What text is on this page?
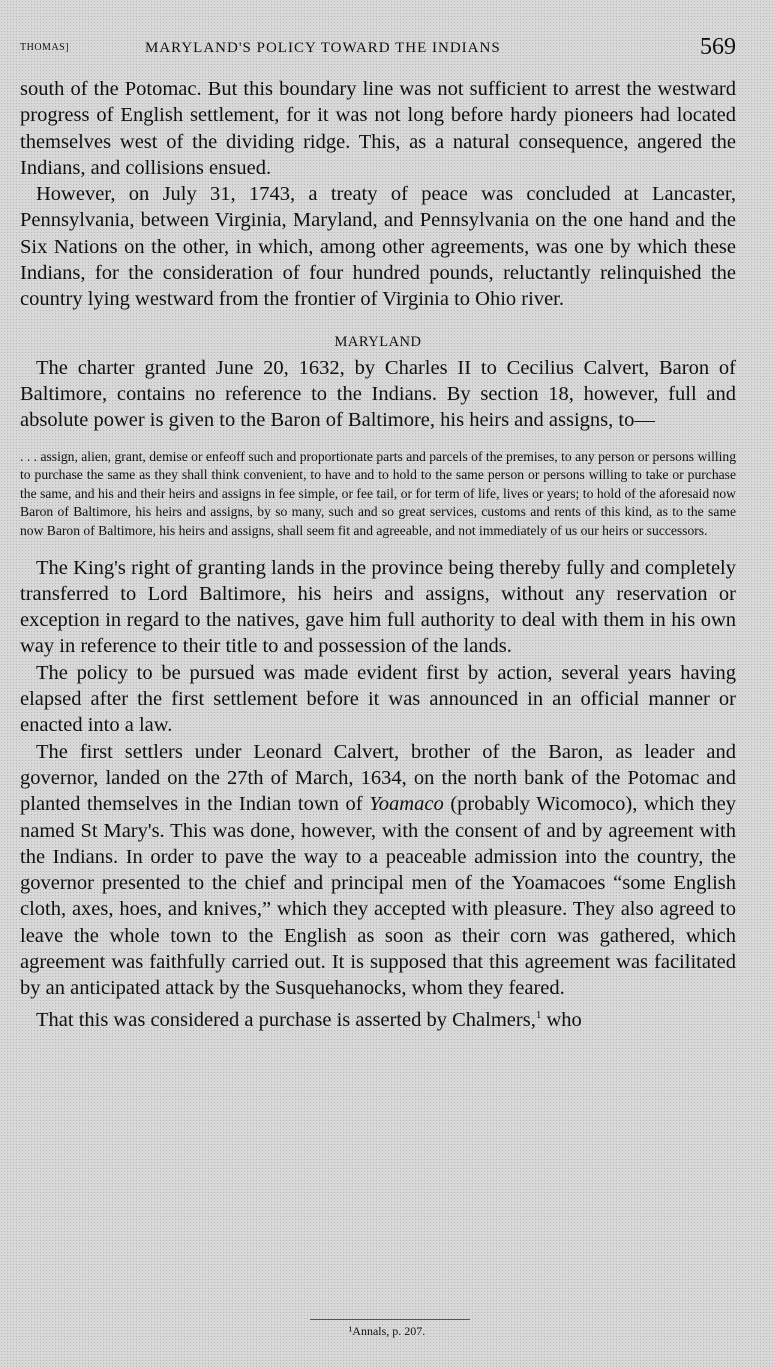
THOMAS]	MARYLAND'S POLICY TOWARD THE INDIANS	569

south of the Potomac. But this boundary line was not sufficient to arrest the westward progress of English settlement, for it was not long before hardy pioneers had located themselves west of the dividing ridge. This, as a natural consequence, angered the Indians, and collisions ensued.

However, on July 31, 1743, a treaty of peace was concluded at Lancaster, Pennsylvania, between Virginia, Maryland, and Pennsylvania on the one hand and the Six Nations on the other, in which, among other agreements, was one by which these Indians, for the consideration of four hundred pounds, reluctantly relinquished the country lying westward from the frontier of Virginia to Ohio river.

MARYLAND

The charter granted June 20, 1632, by Charles II to Cecilius Calvert, Baron of Baltimore, contains no reference to the Indians. By section 18, however, full and absolute power is given to the Baron of Baltimore, his heirs and assigns, to—

. . . assign, alien, grant, demise or enfeoff such and proportionate parts and parcels of the premises, to any person or persons willing to purchase the same as they shall think convenient, to have and to hold to the same person or persons willing to take or purchase the same, and his and their heirs and assigns in fee simple, or fee tail, or for term of life, lives or years; to hold of the aforesaid now Baron of Baltimore, his heirs and assigns, by so many, such and so great services, customs and rents of this kind, as to the same now Baron of Baltimore, his heirs and assigns, shall seem fit and agreeable, and not immediately of us our heirs or successors.

The King's right of granting lands in the province being thereby fully and completely transferred to Lord Baltimore, his heirs and assigns, without any reservation or exception in regard to the natives, gave him full authority to deal with them in his own way in reference to their title to and possession of the lands.

The policy to be pursued was made evident first by action, several years having elapsed after the first settlement before it was announced in an official manner or enacted into a law.

The first settlers under Leonard Calvert, brother of the Baron, as leader and governor, landed on the 27th of March, 1634, on the north bank of the Potomac and planted themselves in the Indian town of Yoamaco (probably Wicomoco), which they named St Mary's. This was done, however, with the consent of and by agreement with the Indians. In order to pave the way to a peaceable admission into the country, the governor presented to the chief and principal men of the Yoamacoes “some English cloth, axes, hoes, and knives,” which they accepted with pleasure. They also agreed to leave the whole town to the English as soon as their corn was gathered, which agreement was faithfully carried out. It is supposed that this agreement was facilitated by an anticipated attack by the Susquehanocks, whom they feared.

That this was considered a purchase is asserted by Chalmers,$^1$ who

¹Annals, p. 207.
